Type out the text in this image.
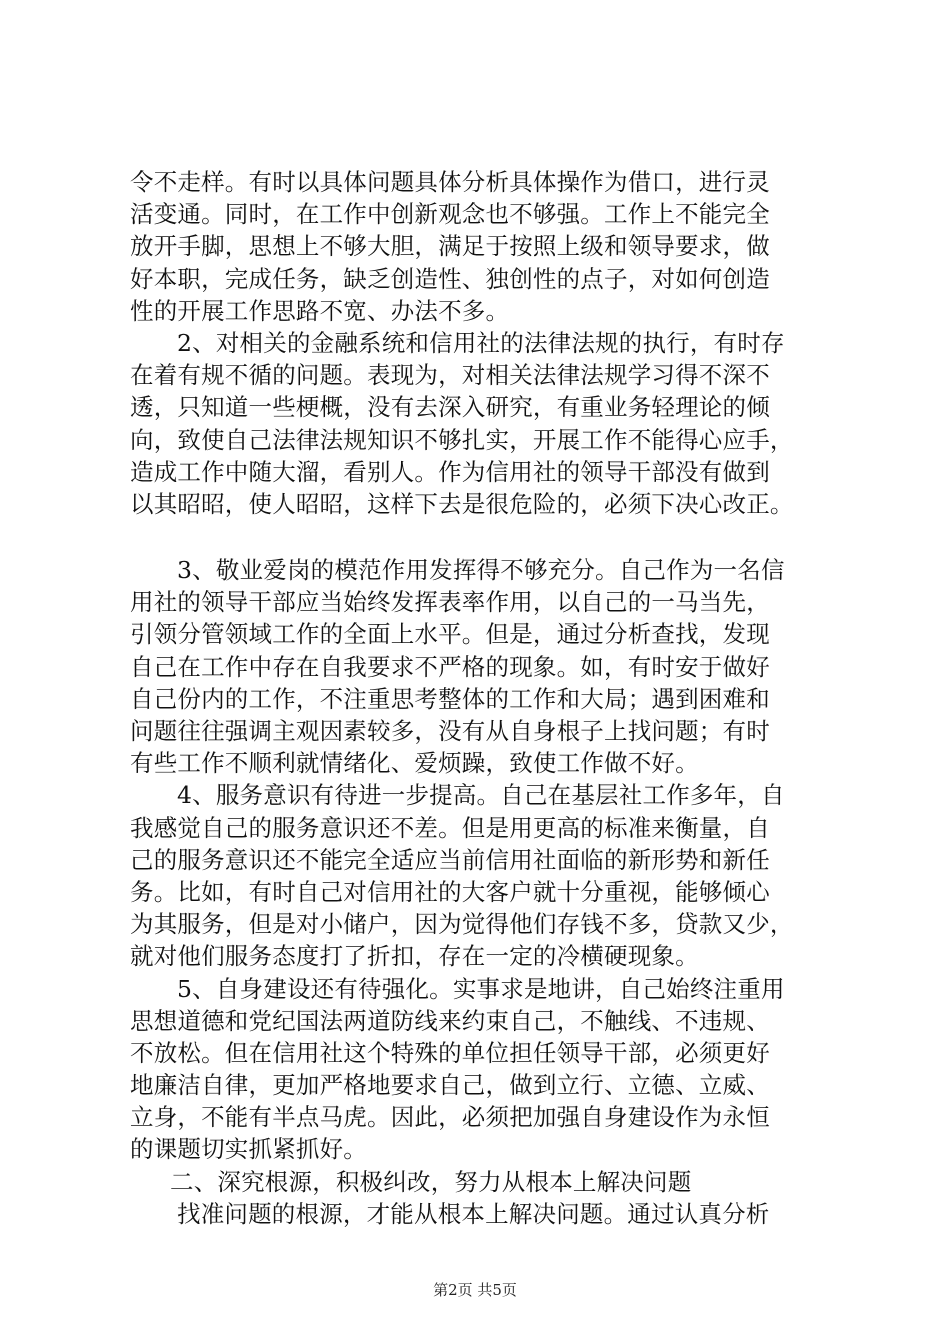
令不走样。有时以具体问题具体分析具体操作为借口，进行灵
活变通。同时，在工作中创新观念也不够强。工作上不能完全
放开手脚，思想上不够大胆，满足于按照上级和领导要求，做
好本职，完成任务，缺乏创造性、独创性的点子，对如何创造
性的开展工作思路不宽、办法不多。
2、对相关的金融系统和信用社的法律法规的执行，有时存
在着有规不循的问题。表现为，对相关法律法规学习得不深不
透，只知道一些梗概，没有去深入研究，有重业务轻理论的倾
向，致使自己法律法规知识不够扎实，开展工作不能得心应手，
造成工作中随大溜，看别人。作为信用社的领导干部没有做到
以其昭昭，使人昭昭，这样下去是很危险的，必须下决心改正。
3、敬业爱岗的模范作用发挥得不够充分。自己作为一名信
用社的领导干部应当始终发挥表率作用，以自己的一马当先，
引领分管领域工作的全面上水平。但是，通过分析查找，发现
自己在工作中存在自我要求不严格的现象。如，有时安于做好
自己份内的工作，不注重思考整体的工作和大局；遇到困难和
问题往往强调主观因素较多，没有从自身根子上找问题；有时
有些工作不顺利就情绪化、爱烦躁，致使工作做不好。
4、服务意识有待进一步提高。自己在基层社工作多年，自
我感觉自己的服务意识还不差。但是用更高的标准来衡量，自
己的服务意识还不能完全适应当前信用社面临的新形势和新任
务。比如，有时自己对信用社的大客户就十分重视，能够倾心
为其服务，但是对小储户，因为觉得他们存钱不多，贷款又少，
就对他们服务态度打了折扣，存在一定的冷横硬现象。
5、自身建设还有待强化。实事求是地讲，自己始终注重用
思想道德和党纪国法两道防线来约束自己，不触线、不违规、
不放松。但在信用社这个特殊的单位担任领导干部，必须更好
地廉洁自律，更加严格地要求自己，做到立行、立德、立威、
立身，不能有半点马虎。因此，必须把加强自身建设作为永恒
的课题切实抓紧抓好。
二、深究根源，积极纠改，努力从根本上解决问题
找准问题的根源，才能从根本上解决问题。通过认真分析
第2页 共5页
